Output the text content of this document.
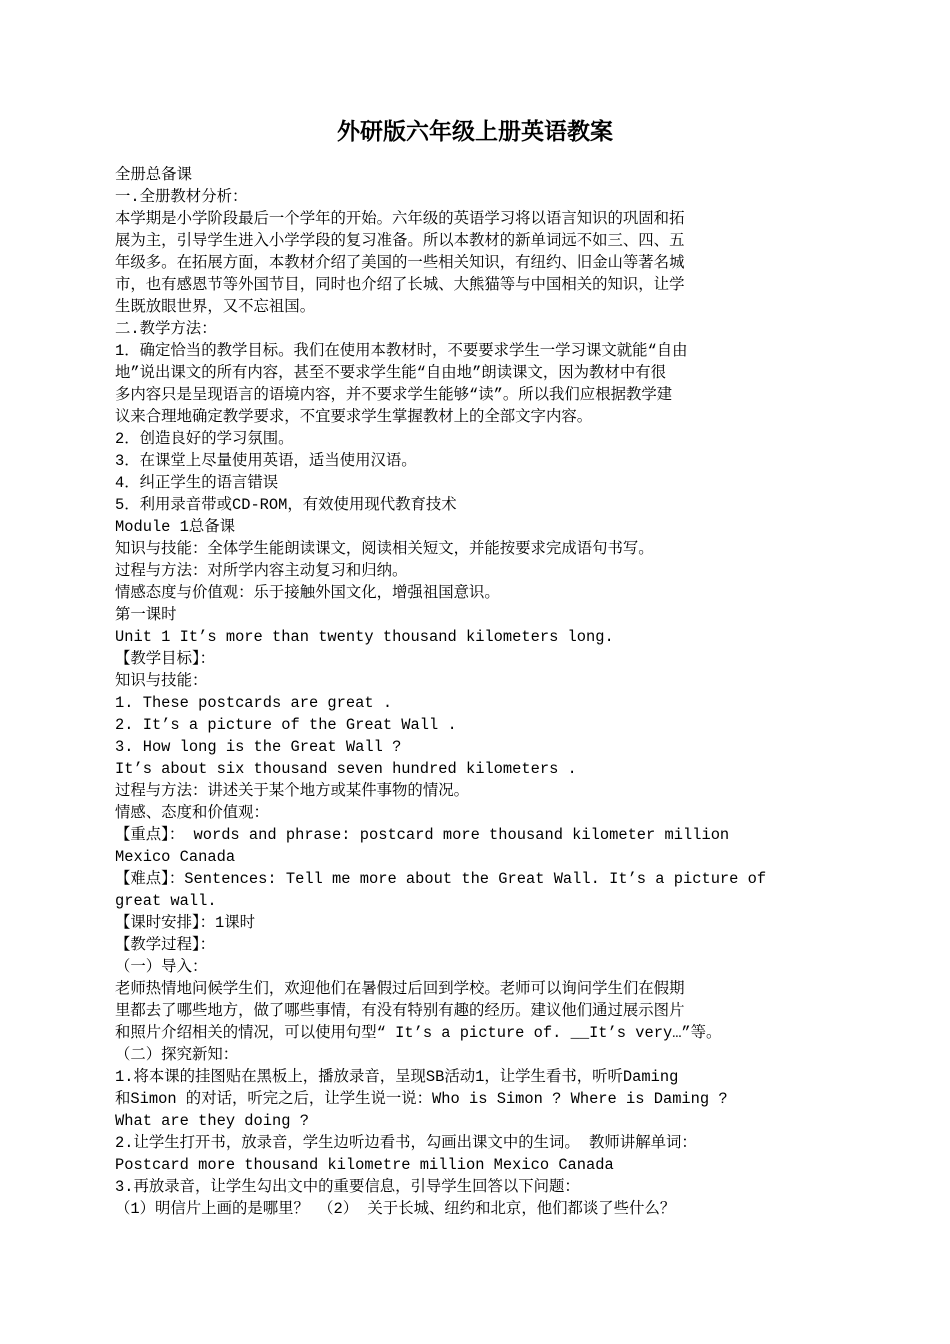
外研版六年级上册英语教案
全册总备课
一.全册教材分析：
本学期是小学阶段最后一个学年的开始。六年级的英语学习将以语言知识的巩固和拓
展为主，引导学生进入小学学段的复习准备。所以本教材的新单词远不如三、四、五
年级多。在拓展方面，本教材介绍了美国的一些相关知识，有纽约、旧金山等著名城
市，也有感恩节等外国节目，同时也介绍了长城、大熊猫等与中国相关的知识，让学
生既放眼世界，又不忘祖国。
二.教学方法：
1．确定恰当的教学目标。我们在使用本教材时，不要要求学生一学习课文就能“自由
地”说出课文的所有内容，甚至不要求学生能“自由地”朗读课文，因为教材中有很
多内容只是呈现语言的语境内容，并不要求学生能够“读”。所以我们应根据教学建
议来合理地确定教学要求，不宜要求学生掌握教材上的全部文字内容。
2．创造良好的学习氛围。
3．在课堂上尽量使用英语，适当使用汉语。
4．纠正学生的语言错误
5．利用录音带或CD-ROM，有效使用现代教育技术
Module 1总备课
知识与技能：全体学生能朗读课文，阅读相关短文，并能按要求完成语句书写。
过程与方法：对所学内容主动复习和归纳。
情感态度与价值观：乐于接触外国文化，增强祖国意识。
第一课时
Unit 1 It’s more than twenty thousand kilometers long.
【教学目标】：
知识与技能：
1. These postcards are great .
2. It’s a picture of the Great Wall .
3. How long is the Great Wall ?
It’s about six thousand seven hundred kilometers .
过程与方法：讲述关于某个地方或某件事物的情况。
情感、态度和价值观：
【重点】： words and phrase: postcard more thousand kilometer million
Mexico Canada
【难点】：Sentences: Tell me more about the Great Wall. It’s a picture of
great wall.
【课时安排】：1课时
【教学过程】：
（一）导入：
老师热情地问候学生们，欢迎他们在暑假过后回到学校。老师可以询问学生们在假期
里都去了哪些地方，做了哪些事情，有没有特别有趣的经历。建议他们通过展示图片
和照片介绍相关的情况，可以使用句型“ It’s a picture of. __It’s very…”等。
（二）探究新知：
1.将本课的挂图贴在黑板上，播放录音，呈现SB活动1，让学生看书，听听Daming
和Simon 的对话，听完之后，让学生说一说：Who is Simon ? Where is Daming ?
What are they doing ?
2.让学生打开书，放录音，学生边听边看书，勾画出课文中的生词。 教师讲解单词：
Postcard more thousand kilometre million Mexico Canada
3.再放录音，让学生勾出文中的重要信息，引导学生回答以下问题：
（1）明信片上画的是哪里？ （2） 关于长城、纽约和北京，他们都谈了些什么？
